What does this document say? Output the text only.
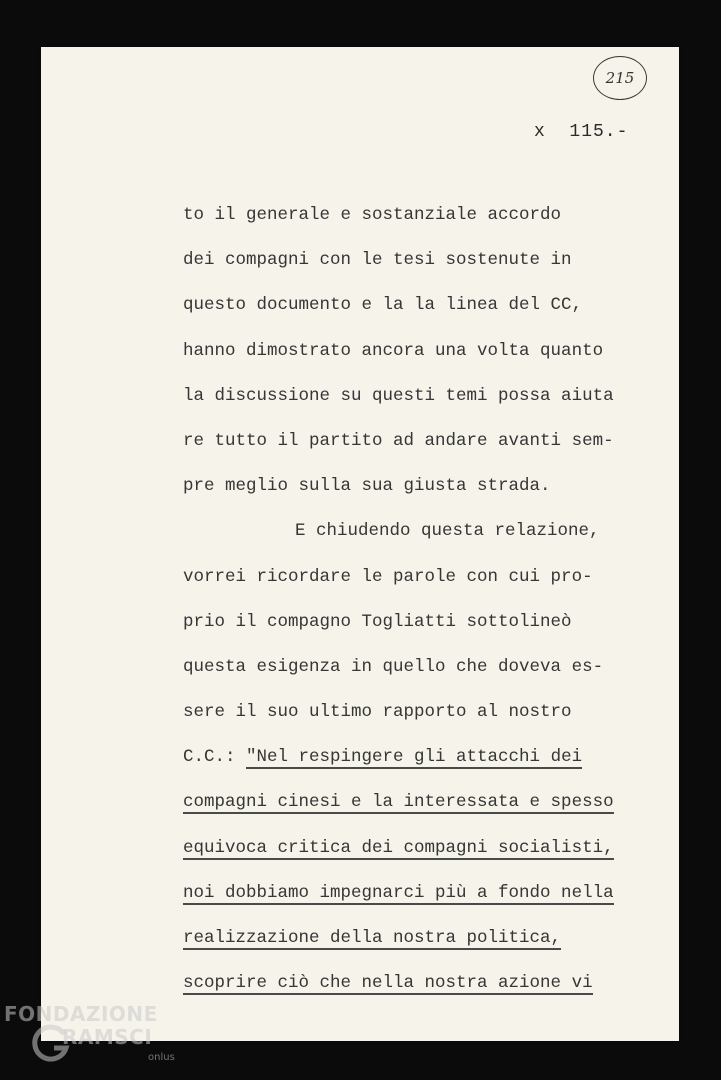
215
x  115.-
to il generale e sostanziale accordo
dei compagni con le tesi sostenute in
questo documento e la la linea del CC,
hanno dimostrato ancora una volta quanto
la discussione su questi temi possa aiuta
re tutto il partito ad andare avanti sem-
pre meglio sulla sua giusta strada.
E chiudendo questa relazione,
vorrei ricordare le parole con cui pro-
prio il compagno Togliatti sottolineò
questa esigenza in quello che doveva es-
sere il suo ultimo rapporto al nostro
C.C.: "Nel respingere gli attacchi dei
compagni cinesi e la interessata e spesso
equivoca critica dei compagni socialisti,
noi dobbiamo impegnarci più a fondo nella
realizzazione della nostra politica,
scoprire ciò che nella nostra azione vi
FONDAZIONE
RAMSCI
onlus
